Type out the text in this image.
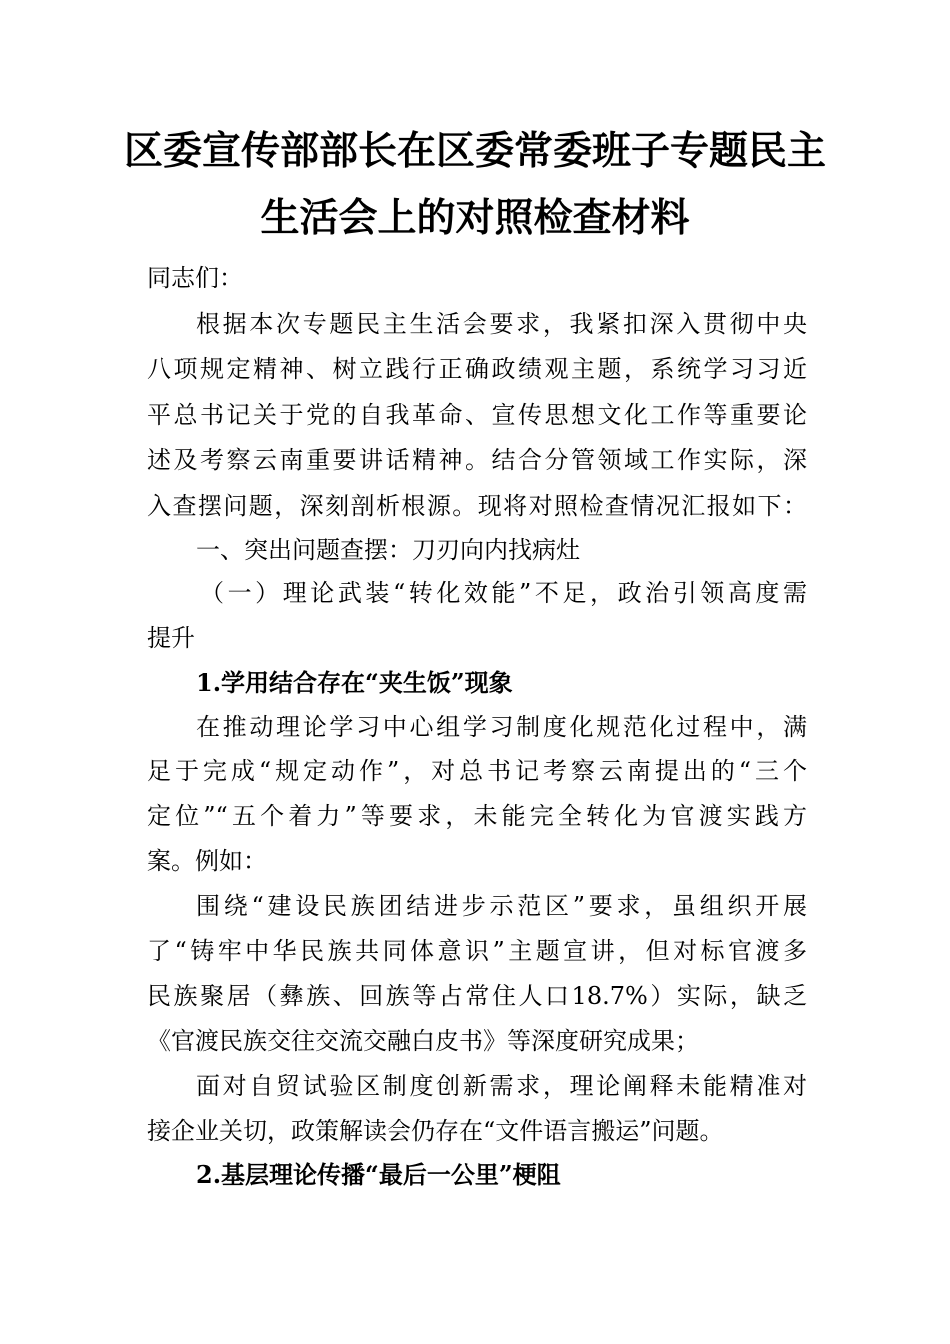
区委宣传部部长在区委常委班子专题民主
生活会上的对照检查材料
同志们：
根据本次专题民主生活会要求，我紧扣深入贯彻中央
八项规定精神、树立践行正确政绩观主题，系统学习习近
平总书记关于党的自我革命、宣传思想文化工作等重要论
述及考察云南重要讲话精神。结合分管领域工作实际，深
入查摆问题，深刻剖析根源。现将对照检查情况汇报如下：
一、突出问题查摆：刀刃向内找病灶
（一）理论武装“转化效能”不足，政治引领高度需
提升
1.学用结合存在“夹生饭”现象
在推动理论学习中心组学习制度化规范化过程中，满
足于完成“规定动作”，对总书记考察云南提出的“三个
定位”“五个着力”等要求，未能完全转化为官渡实践方
案。例如：
围绕“建设民族团结进步示范区”要求，虽组织开展
了“铸牢中华民族共同体意识”主题宣讲，但对标官渡多
民族聚居（彝族、回族等占常住人口18.7%）实际，缺乏
《官渡民族交往交流交融白皮书》等深度研究成果；
面对自贸试验区制度创新需求，理论阐释未能精准对
接企业关切，政策解读会仍存在“文件语言搬运”问题。
2.基层理论传播“最后一公里”梗阻
